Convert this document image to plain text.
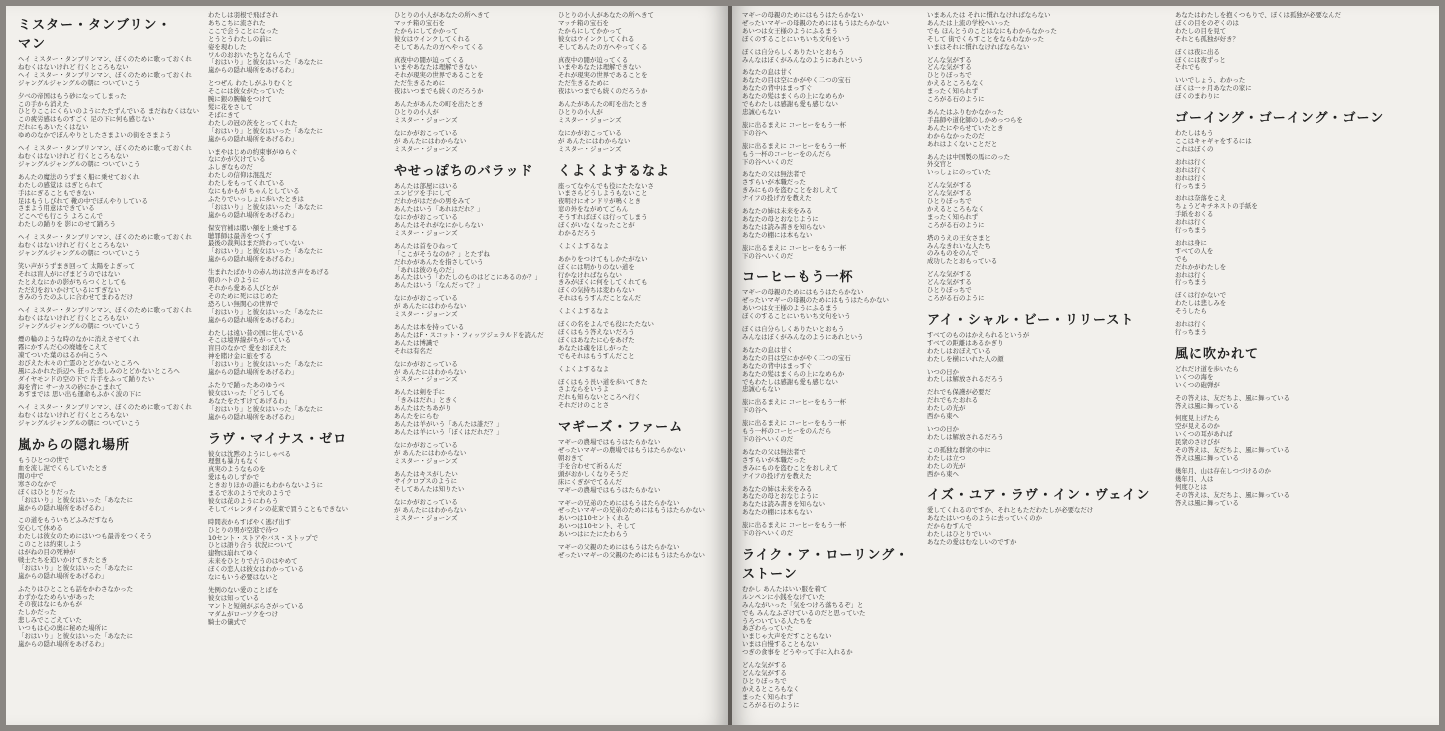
ミスター・タンブリン・マン
ヘイ ミスター・タンブリンマン、ぼくのために歌っておくれ
ねむくはないけれど 行くところもない
ヘイ ミスター・タンブリンマン、ぼくのために歌っておくれ
ジャングルジャングルの朝に ついていこう
夕べの帝国はもう砂になってしまった
この手から消えた
ひとりここにくらいのようにたたずんでいる まだねむくはない
この疲労感はものすごく 足の下に何も感じない
だれにもあいたくはない
ゆめのなかでぼんやりとしたさまよいの街をさまよう
ヘイ ミスター・タンブリンマン、ぼくのために歌っておくれ
ねむくはないけれど 行くところもない
ジャングルジャングルの朝に ついていこう
あんたの魔法のうずまく船に乗せておくれ
わたしの感覚は はぎとられて
手はにぎることもできない
足はもうしびれて 靴の中でぼんやりしている
さまよう用意はできている
どこへでも行こう よろこんで
わたしの踊りを 影にのせて踊ろう
ヘイ ミスター・タンブリンマン、ぼくのために歌っておくれ
ねむくはないけれど 行くところもない
ジャングルジャングルの朝に ついていこう
笑い声がうずまき回って 太陽をよぎって
それは盲人がにげまどうのではない
たとえなにかの影がちらつくとしても
ただ幻をおいかけているにすぎない
きみのうたのふしに合わせてまわるだけ
ヘイ ミスター・タンブリンマン、ぼくのために歌っておくれ
ねむくはないけれど 行くところもない
ジャングルジャングルの朝に ついていこう
煙の輪のような時のなかに消えさせてくれ
霧にかすんだ心の廃墟をこえて
凍てついた葉のはるか向こうへ
おびえた木々の亡霊のとどかないところへ
風にふかれた浜辺へ 狂った悲しみのとどかないところへ
ダイヤモンドの空の下で 片手をふって踊りたい
海を背に サーカスの砂にかこまれて
あすまでは 思い出も運命もふかく波の下に
ヘイ ミスター・タンブリンマン、ぼくのために歌っておくれ
ねむくはないけれど 行くところもない
ジャングルジャングルの朝に ついていこう
嵐からの隠れ場所
もうひとつの世で
血を流し泥でくらしていたとき
闇の中で
寒さのなかで
ぼくはひとりだった
「おはいり」と彼女はいった「あなたに
嵐からの隠れ場所をあげるわ」
この道をもういちどふみだすなら
安心して休める
わたしは彼女のためにはいつも最善をつくそう
このことは約束しよう
はがねの目の死神が
戦士たちを追いかけてきたとき
「おはいり」と彼女はいった「あなたに
嵐からの隠れ場所をあげるわ」
ふたりはひとことも話をかわさなかった
わずかなためらいがあった
その夜はなにもかもが
たしかだった
悲しみでこごえていた
いつもは心の奥に秘めた場所に
「おはいり」と彼女はいった「あなたに
嵐からの隠れ場所をあげるわ」
わたしは羽根で飛ばされ
あちこちに流された
ここで会うことになった
とうとうわたしの前に
姿を現わした
ワルのおおいたちとならんで
「おはいり」と彼女はいった「あなたに
嵐からの隠れ場所をあげるわ」
とつぜん わたしがふりむくと
そこには彼女がたっていた
腕に銀の腕輪をつけて
髪に花をさして
そばにきて
わたしの冠の茨をとってくれた
「おはいり」と彼女はいった「あなたに
嵐からの隠れ場所をあげるわ」
いまやはじめの約束事がゆらぐ
なにかが欠けている
ふしぎなものだ
わたしの信仰は混乱だ
わたしをもってくれている
なにもかもが ちゃんとしている
ふたりでいっしょに歩いたときは
「おはいり」と彼女はいった「あなたに
嵐からの隠れ場所をあげるわ」
保安官補は賭い額を上乗せする
聴罪師は最善をつくす
最後の裁判はまだ終わっていない
「おはいり」と彼女はいった「あなたに
嵐からの隠れ場所をあげるわ」
生まれたばかりの赤ん坊は泣き声をあげる
朝のハトのように
それから愛ある人びとが
そのために死にはじめた
恐ろしい無関心の世界で
「おはいり」と彼女はいった「あなたに
嵐からの隠れ場所をあげるわ」
わたしは遠い昔の国に住んでいる
そこは境界線がちがっている
盲目のなかで 愛をおぼえた
神を賭け金に旅をする
「おはいり」と彼女はいった「あなたに
嵐からの隠れ場所をあげるわ」
ふたりで踊ったあのゆうべ
彼女はいった「どうしても
あなたをたすけてあげるわ」
「おはいり」と彼女はいった「あなたに
嵐からの隠れ場所をあげるわ」
ラヴ・マイナス・ゼロ
彼女は沈黙のようにしゃべる
理想も暴力もなく
真実のようなものを
愛はものしずかで
ときおりほかの誰にもわからないように
まるで氷のようで火のようで
彼女は花のようにわらう
そしてバレンタインの花束で買うこともできない
時間表からすばやく逃げ出す
ひとりの男が空港で待つ
10セント・ストアやバス・ストップで
ひとは語り合う 状況について
建物は崩れてゆく
未来をひとりで占うのはやめて
ぼくの恋人は彼女はわかっている
なにもいう必要はないと
先例のない愛のことばを
彼女は知っている
マントと短剣がぶらさがっている
マダムがローソクをつけ
騎士の儀式で
ひとりの小人があなたの所へきて
マッチ箱の宝石を
たからにしてかかって
彼女はウインクしてくれる
そしてあんたの方へやってくる
真夜中の闇が迫ってくる
いまやあなたは理解できない
それが現実の世界であることを
ただ生きるために
夜はいつまでも続くのだろうか
あんたがあんたの町を出たとき
ひとりの小人が
ミスター・ジョーンズ
なにかがおこっている
が あんたにはわからない
ミスター・ジョーンズ
やせっぽちのバラッド
あんたは部屋にはいる
エンピツを手にして
だれかがはだかの男をみて
あんたはいう「あれはだれ？」
なにかがおこっている
あんたはそれがなにかしらない
ミスター・ジョーンズ
あんたは首をひねって
「ここがそうなのか？」とたずね
だれかがあんたを指さしていう
「あれは彼のものだ」
あんたはいう「わたしのものはどこにあるのか？」
あんたはいう「なんだって？」
なにかがおこっている
が あんたにはわからない
ミスター・ジョーンズ
あんたは本を持っている
あんたはF・スコット・フィッツジェラルドを読んだ
あんたは博識で
それは有名だ
なにかがおこっている
が あんたにはわからない
ミスター・ジョーンズ
あんたは剣を手に
「きみはだれ」ときく
あんたはたちあがり
あんたをにらむ
あんたは羊がいう「あんたは誰だ？」
あんたは羊にいう「ぼくはだれだ？」
なにかがおこっている
が あんたにはわからない
ミスター・ジョーンズ
あんたはキスがしたい
サイクロプスのように
そしてあんたは知りたい
なにかがおこっている
が あんたにはわからない
ミスター・ジョーンズ
ひとりの小人があなたの所へきて
マッチ箱の宝石を
たからにしてかかって
彼女はウインクしてくれる
そしてあんたの方へやってくる
真夜中の闇が迫ってくる
いまやあなたは理解できない
それが現実の世界であることを
ただ生きるために
夜はいつまでも続くのだろうか
あんたがあんたの町を出たとき
ひとりの小人が
ミスター・ジョーンズ
なにかがおこっている
が あんたにはわからない
ミスター・ジョーンズ
くよくよするなよ
座ってなやんでも役にたたないさ
いまさらどうしようもないこと
夜明けにオンドリが鳴くとき
窓の外をながめてごらん
そうすればぼくは行ってしまう
ぼくがいなくなったことが
わかるだろう
くよくよするなよ
あかりをつけてもしかたがない
ぼくには明かりのない道を
行かなければならない
きみがぼくに何をしてくれても
ぼくの気持ちは変わらない
それはもうすんだことなんだ
くよくよするなよ
ぼくの名をよんでも役にたたない
ぼくはもう答えないだろう
ぼくはあなたに心をあげた
あなたは魂をほしがった
でもそれはもうすんだこと
くよくよするなよ
ぼくはもう長い道を歩いてきた
さよならをいうよ
だれも知らないところへ行く
それだけのことさ
マギーズ・ファーム
マギーの農場ではもうはたらかない
ぜったいマギーの農場ではもうはたらかない
朝おきて
手を合わせて祈るんだ
頭がおかしくなりそうだ
床にくぎがでてるんだ
マギーの農場ではもうはたらかない
マギーの兄弟のためにはもうはたらかない
ぜったいマギーの兄弟のためにはもうはたらかない
あいつは10セントくれる
あいつは10セント、そして
あいつはにたにたわらう
マギーの父親のためにはもうはたらかない
ぜったいマギーの父親のためにはもうはたらかない
マギーの母親のためにはもうはたらかない
ぜったいマギーの母親のためにはもうはたらかない
あいつは女王様のようにふるまう
ぼくのすることにいちいち文句をいう
ぼくは自分らしくありたいとおもう
みんなはぼくがみんなのようにあれという
あなたの息は甘く
あなたの目は空にかがやく二つの宝石
あなたの背中はまっすぐ
あなたの髪はまくらの上になめらか
でもわたしは感謝も愛も感じない
忠誠心もない
旅に出るまえに コーヒーをもう一杯
下の谷へ
旅に出るまえに コーヒーをもう一杯
もう一杯のコーヒーをのんだら
下の谷へいくのだ
あなたの父は無法者で
さすらいが本職だった
きみにものを盗むことをおしえて
ナイフの投げ方を教えた
あなたの姉は未来をみる
あなたの母とおなじように
あなたは読み書きを知らない
あなたの棚には本もない
旅に出るまえに コーヒーをもう一杯
下の谷へいくのだ
コーヒーもう一杯
マギーの母親のためにはもうはたらかない
ぜったいマギーの母親のためにはもうはたらかない
あいつは女王様のようにふるまう
ぼくのすることにいちいち文句をいう
ぼくは自分らしくありたいとおもう
みんなはぼくがみんなのようにあれという
あなたの息は甘く
あなたの目は空にかがやく二つの宝石
あなたの背中はまっすぐ
あなたの髪はまくらの上になめらか
でもわたしは感謝も愛も感じない
忠誠心もない
旅に出るまえに コーヒーをもう一杯
下の谷へ
旅に出るまえに コーヒーをもう一杯
もう一杯のコーヒーをのんだら
下の谷へいくのだ
あなたの父は無法者で
さすらいが本職だった
きみにものを盗むことをおしえて
ナイフの投げ方を教えた
あなたの姉は未来をみる
あなたの母とおなじように
あなたは読み書きを知らない
あなたの棚には本もない
旅に出るまえに コーヒーをもう一杯
下の谷へいくのだ
ライク・ア・ローリング・ストーン
むかし あんたはいい服を着て
ルンペンに小銭をなげていた
みんながいった「気をつけろ落ちるぞ」と
でも みんなふざけているのだと思っていた
うろついている人たちを
あざわらっていた
いまじゃ大声をだすこともない
いまは自慢することもない
つぎの食事を どうやって手に入れるか
どんな気がする
どんな気がする
ひとりぼっちで
かえるところもなく
まったく知られず
ころがる石のように
いまあんたは それに慣れなければならない
あんたは上流の学校へいった
でも ほんとうのことはなにもわからなかった
そして 街でくらすことをならわなかった
いまはそれに慣れなければならない
どんな気がする
どんな気がする
ひとりぼっちで
かえるところもなく
まったく知られず
ころがる石のように
あんたはふりむかなかった
手品師や道化師のしかめっつらを
あんたにやらせていたとき
わからなかったのだ
あれはよくないことだと
あんたは中国製の馬にのった
外交官と
いっしょにのっていた
どんな気がする
どんな気がする
ひとりぼっちで
かえるところもなく
まったく知られず
ころがる石のように
塔のうえの王女さまと
みんなきれいな人たち
のみものをのんで
成功したとおもっている
どんな気がする
どんな気がする
ひとりぼっちで
ころがる石のように
アイ・シャル・ビー・リリースト
すべてのものはかえられるというが
すべての距離はあるかぎり
わたしはおぼえている
わたしを横にいれた人の顔
いつの日か
わたしは解放されるだろう
だれでも保護が必要だ
だれでもたおれる
わたしの光が
西から東へ
いつの日か
わたしは解放されるだろう
この孤独な群衆の中に
わたしは立つ
わたしの光が
西から東へ
イズ・ユア・ラヴ・イン・ヴェイン
愛してくれるのですか、それともただわたしが必要なだけ
あなたはいつものように去っていくのか
だからむすんで
わたしはひとりでいい
あなたの愛はむなしいのですか
あなたはわたしを抱くつもりで、ぼくは孤独が必要なんだ
ぼくの目をのぞくのは
わたしの目を見て
それとも孤独が好き？
ぼくは夜に出る
ぼくには夜ずっと
それでも
いいでしょう、わかった
ぼくは一ヶ月あなたの家に
ぼくのまわりに
ゴーイング・ゴーイング・ゴーン
わたしはもう
ここはキャギャをするには
これはぼくの
おれは行く
おれは行く
おれは行く
行っちまう
おれは奈落をこえ
ちょうどキチネストの手紙を
手紙をおくる
おれは行く
行っちまう
おれは身に
すべての人を
でも
だれかがわたしを
おれは行く
行っちまう
ぼくは行かないで
わたしは悲しみを
そうしたら
おれは行く
行っちまう
風に吹かれて
どれだけ道を歩いたら
いくつの海を
いくつの砲弾が
その答えは、友だちよ、風に舞っている
答えは風に舞っている
何度見上げたら
空が見えるのか
いくつの耳があれば
民衆のさけびが
その答えは、友だちよ、風に舞っている
答えは風に舞っている
幾年月、山は存在しつづけるのか
幾年月、人は
何度ひとは
その答えは、友だちよ、風に舞っている
答えは風に舞っている
